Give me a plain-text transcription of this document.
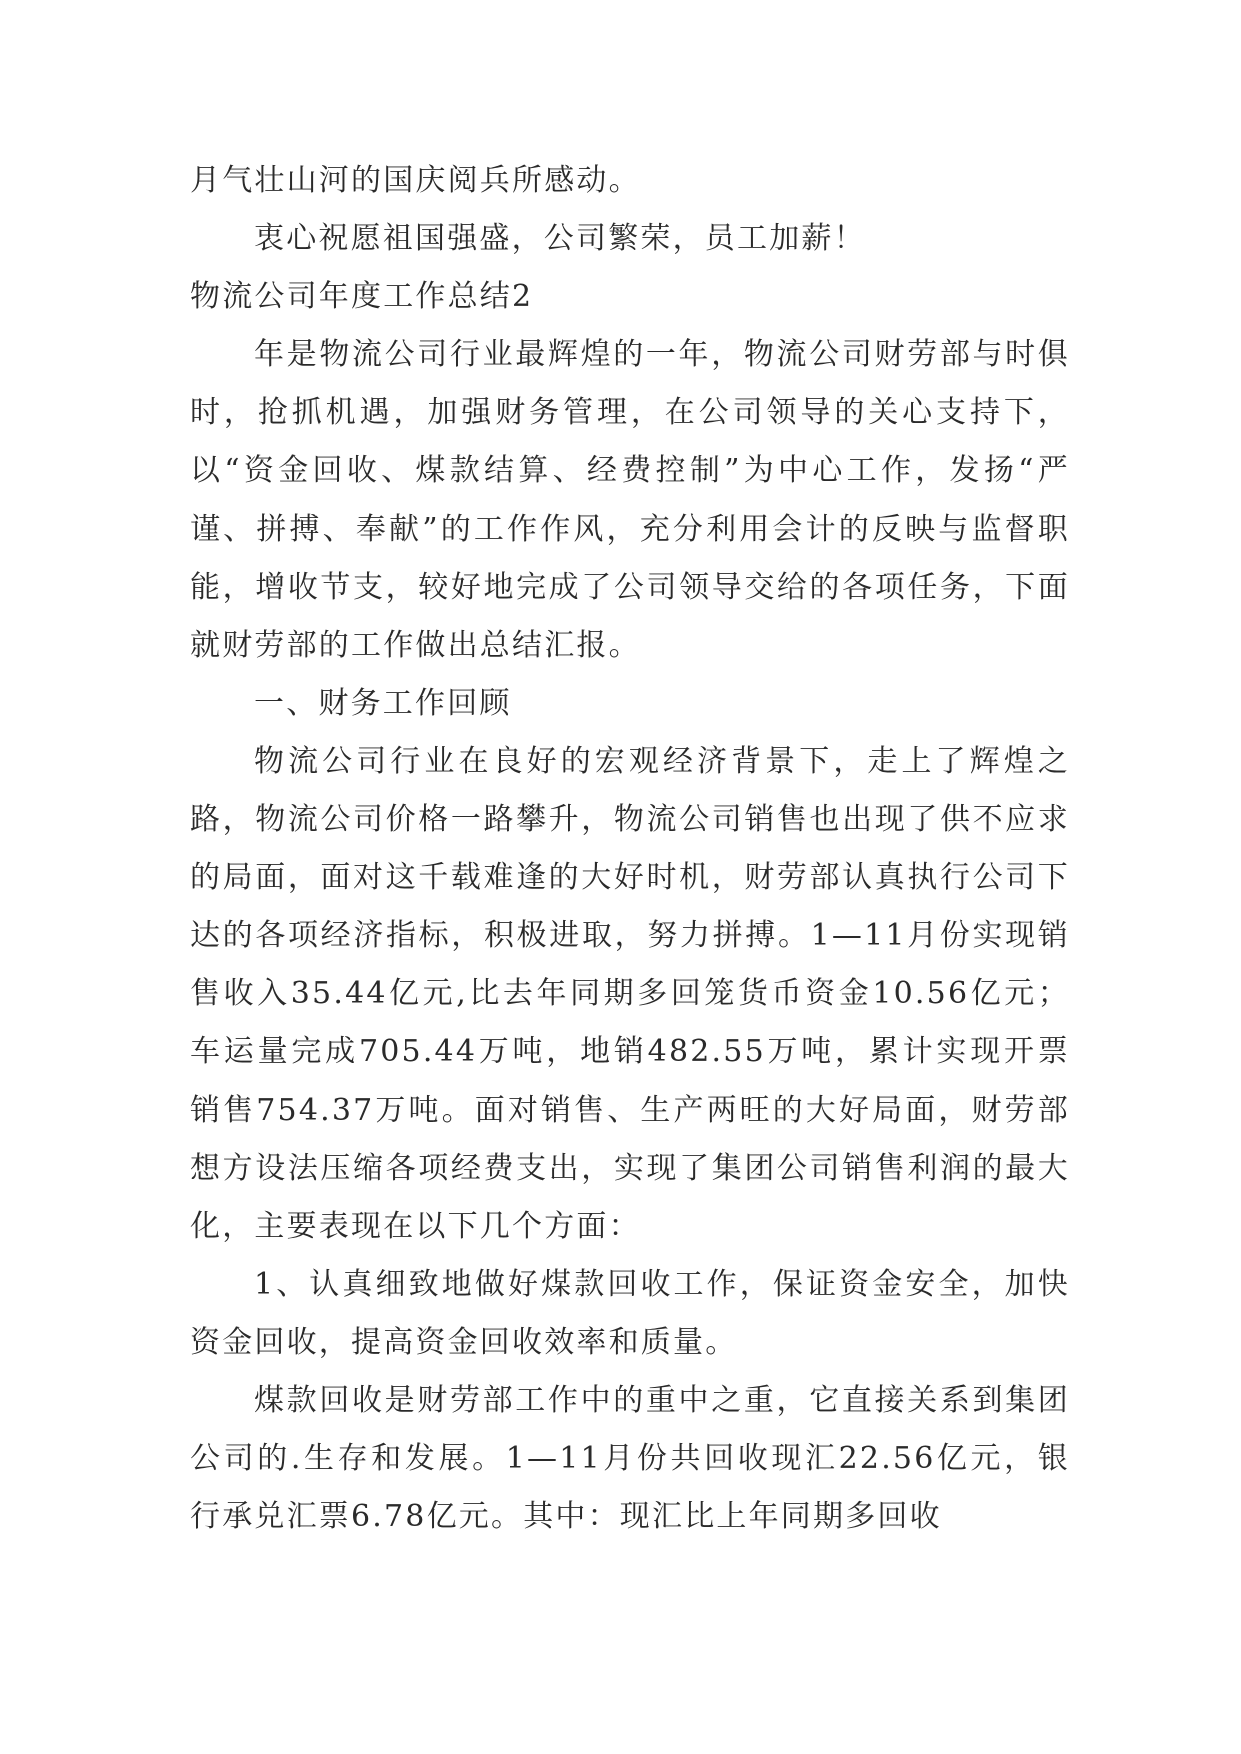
月气壮山河的国庆阅兵所感动。

衷心祝愿祖国强盛，公司繁荣，员工加薪！

物流公司年度工作总结2

年是物流公司行业最辉煌的一年，物流公司财劳部与时俱时，抢抓机遇，加强财务管理，在公司领导的关心支持下，以“资金回收、煤款结算、经费控制”为中心工作，发扬“严谨、拼搏、奉献”的工作作风，充分利用会计的反映与监督职能，增收节支，较好地完成了公司领导交给的各项任务，下面就财劳部的工作做出总结汇报。

一、财务工作回顾

物流公司行业在良好的宏观经济背景下，走上了辉煌之路，物流公司价格一路攀升，物流公司销售也出现了供不应求的局面，面对这千载难逢的大好时机，财劳部认真执行公司下达的各项经济指标，积极进取，努力拼搏。1—11月份实现销售收入35.44亿元,比去年同期多回笼货币资金10.56亿元；车运量完成705.44万吨，地销482.55万吨，累计实现开票销售754.37万吨。面对销售、生产两旺的大好局面，财劳部想方设法压缩各项经费支出，实现了集团公司销售利润的最大化，主要表现在以下几个方面：

1、认真细致地做好煤款回收工作，保证资金安全，加快资金回收，提高资金回收效率和质量。

煤款回收是财劳部工作中的重中之重，它直接关系到集团公司的.生存和发展。1—11月份共回收现汇22.56亿元，银行承兑汇票6.78亿元。其中：现汇比上年同期多回收
